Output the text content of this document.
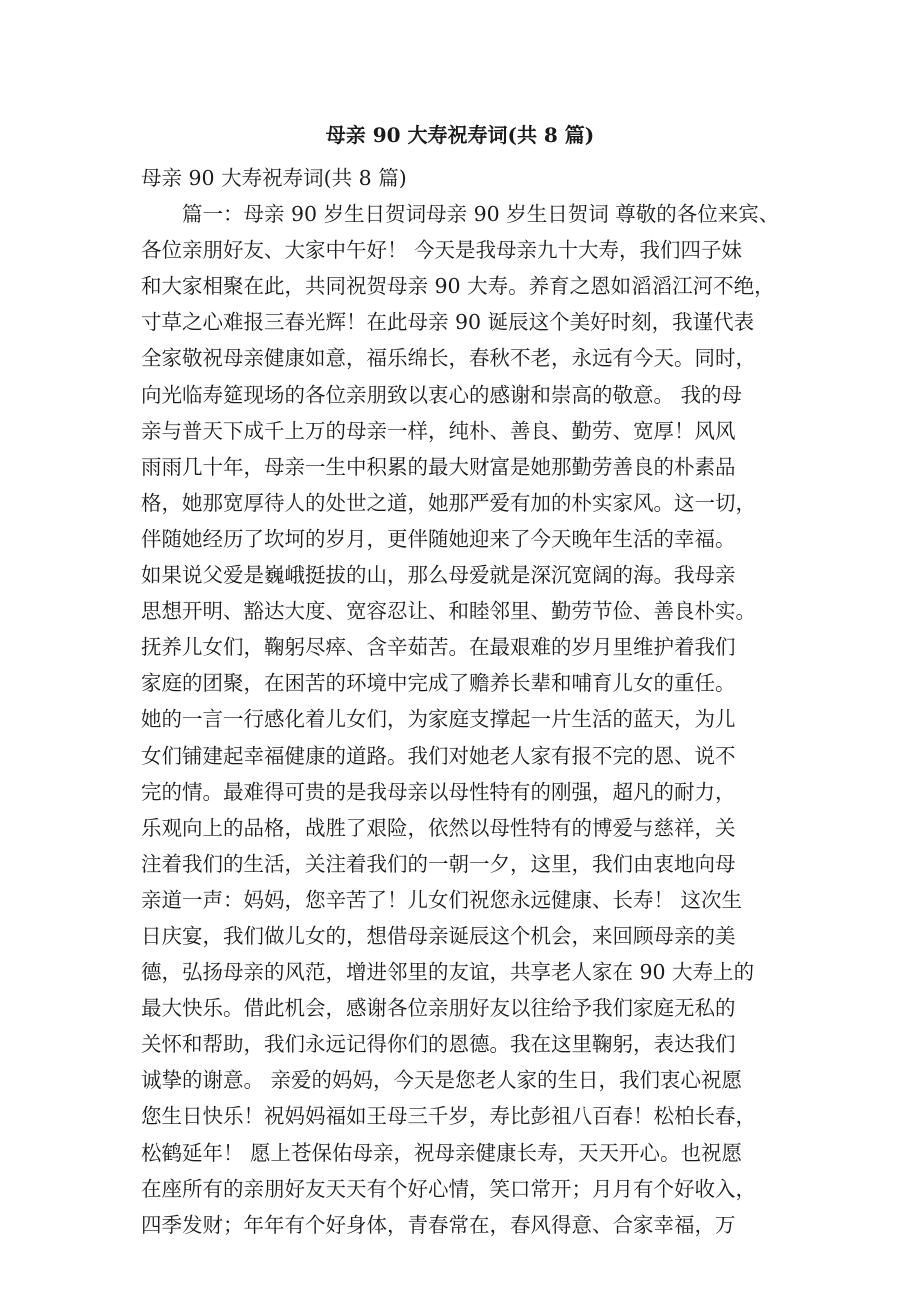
母亲 90 大寿祝寿词(共 8 篇)
母亲 90 大寿祝寿词(共 8 篇)
　　篇一：母亲 90 岁生日贺词母亲 90 岁生日贺词 尊敬的各位来宾、
各位亲朋好友、大家中午好！ 今天是我母亲九十大寿，我们四子妹
和大家相聚在此，共同祝贺母亲 90 大寿。养育之恩如滔滔江河不绝，
寸草之心难报三春光辉！在此母亲 90 诞辰这个美好时刻，我谨代表
全家敬祝母亲健康如意，福乐绵长，春秋不老，永远有今天。同时，
向光临寿筵现场的各位亲朋致以衷心的感谢和崇高的敬意。 我的母
亲与普天下成千上万的母亲一样，纯朴、善良、勤劳、宽厚！风风
雨雨几十年，母亲一生中积累的最大财富是她那勤劳善良的朴素品
格，她那宽厚待人的处世之道，她那严爱有加的朴实家风。这一切，
伴随她经历了坎坷的岁月，更伴随她迎来了今天晚年生活的幸福。
如果说父爱是巍峨挺拔的山，那么母爱就是深沉宽阔的海。我母亲
思想开明、豁达大度、宽容忍让、和睦邻里、勤劳节俭、善良朴实。
抚养儿女们，鞠躬尽瘁、含辛茹苦。在最艰难的岁月里维护着我们
家庭的团聚，在困苦的环境中完成了赡养长辈和哺育儿女的重任。
她的一言一行感化着儿女们，为家庭支撑起一片生活的蓝天，为儿
女们铺建起幸福健康的道路。我们对她老人家有报不完的恩、说不
完的情。最难得可贵的是我母亲以母性特有的刚强，超凡的耐力，
乐观向上的品格，战胜了艰险，依然以母性特有的博爱与慈祥，关
注着我们的生活，关注着我们的一朝一夕，这里，我们由衷地向母
亲道一声：妈妈，您辛苦了！儿女们祝您永远健康、长寿！ 这次生
日庆宴，我们做儿女的，想借母亲诞辰这个机会，来回顾母亲的美
德，弘扬母亲的风范，增进邻里的友谊，共享老人家在 90 大寿上的
最大快乐。借此机会，感谢各位亲朋好友以往给予我们家庭无私的
关怀和帮助，我们永远记得你们的恩德。我在这里鞠躬，表达我们
诚挚的谢意。 亲爱的妈妈，今天是您老人家的生日，我们衷心祝愿
您生日快乐！祝妈妈福如王母三千岁，寿比彭祖八百春！松柏长春，
松鹤延年！ 愿上苍保佑母亲，祝母亲健康长寿，天天开心。也祝愿
在座所有的亲朋好友天天有个好心情，笑口常开；月月有个好收入，
四季发财；年年有个好身体，青春常在，春风得意、合家幸福，万
